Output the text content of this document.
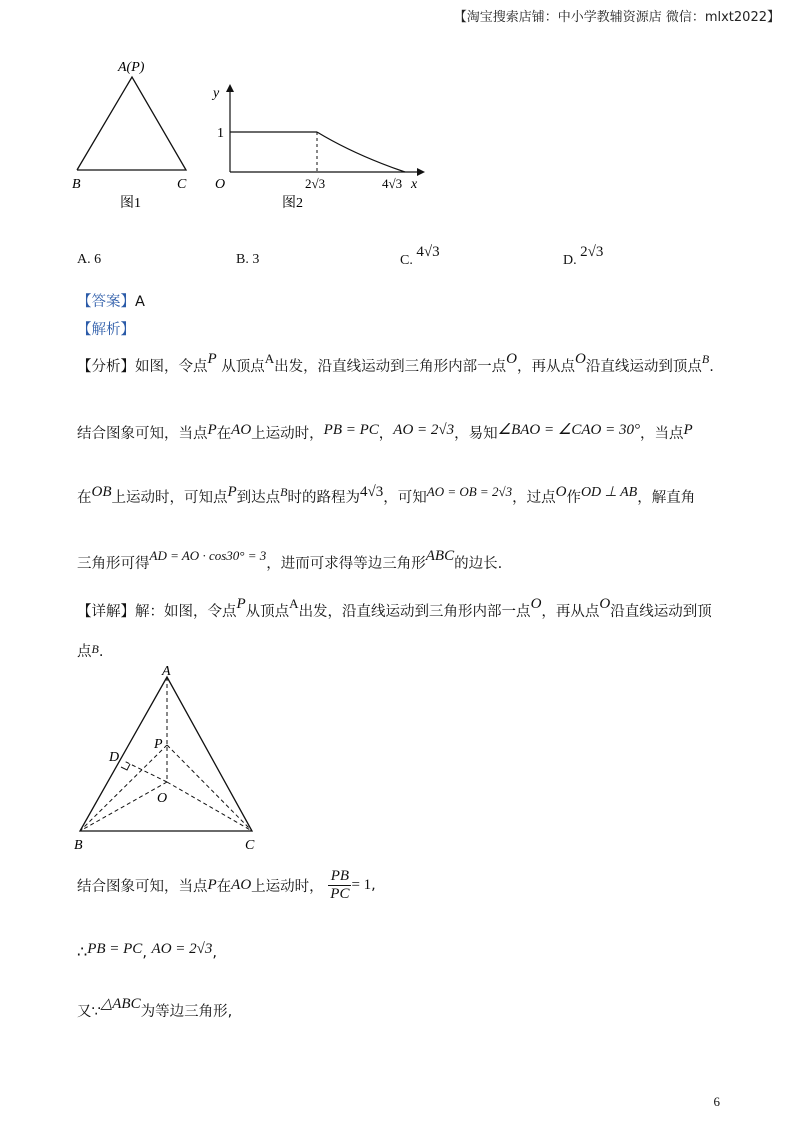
【淘宝搜索店铺：中小学教辅资源店 微信：mlxt2022】
A(P)
B	C
图1
y
1
O	2√3	4√3 x
图2
A. 6	B. 3	C. 4√3
D. 2√3
【答案】A
【解析】
【分析】如图，令点P 从顶点A出发，沿直线运动到三角形内部一点O，再从点O沿直线运动到顶点$^B$.
结合图象可知，当点P在AO上运动时，PB = PC，AO = 2√3，易知∠BAO = ∠CAO = 30°，当点P
在OB上运动时，可知点P到达点$^B$时的路程为4√3，可知AO = OB = 2√3，过点O作OD ⊥ AB，解直角
三角形可得AD = AO · cos30° = 3，进而可求得等边三角形ABC的边长.
【详解】解：如图，令点P从顶点A出发，沿直线运动到三角形内部一点O，再从点O沿直线运动到顶
点$^B$.
A
B	C
D
P
O
结合图象可知，当点P在AO上运动时， $\frac{PB}{PC} = 1$,
∴PB = PC, AO = 2√3,
又∵△ABC为等边三角形,
6
